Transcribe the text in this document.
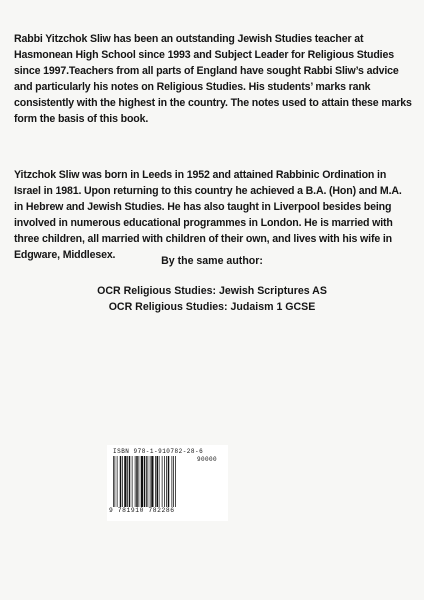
Rabbi Yitzchok Sliw has been an outstanding Jewish Studies teacher at Hasmonean High School since 1993 and Subject Leader for Religious Studies since 1997.Teachers from all parts of England have sought Rabbi Sliw’s advice and particularly his notes on Religious Studies. His students’ marks rank consistently with the highest in the country. The notes used to attain these marks form the basis of this book.

Yitzchok Sliw was born in Leeds in 1952 and attained Rabbinic Ordination in Israel in 1981. Upon returning to this country he achieved a B.A. (Hon) and M.A. in Hebrew and Jewish Studies. He has also taught in Liverpool besides being involved in numerous educational programmes in London. He is married with three children, all married with children of their own, and lives with his wife in Edgware, Middlesex.	By the same author:
OCR Religious Studies: Jewish Scriptures AS
OCR Religious Studies: Judaism 1 GCSE
ISBN 978-1-910782-28-6
90000
9 781910 782286
